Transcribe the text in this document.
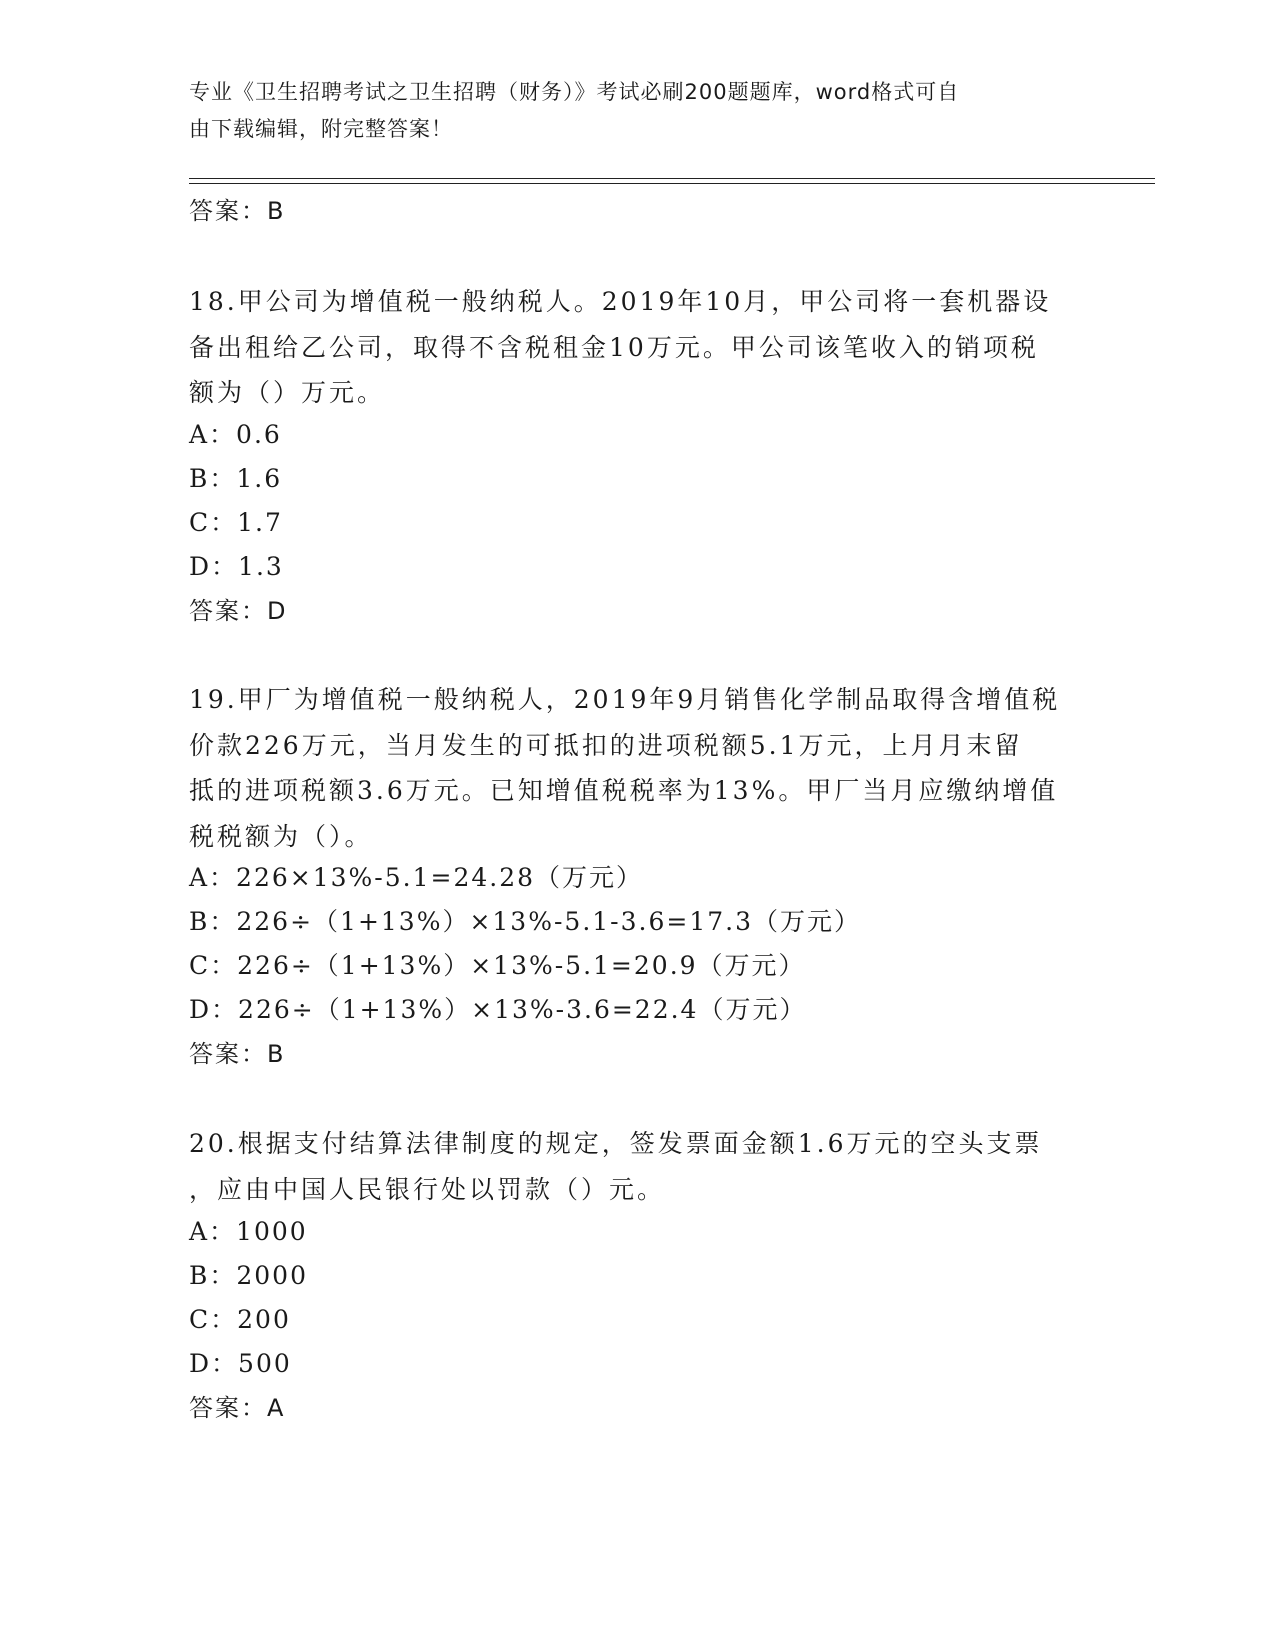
专业《卫生招聘考试之卫生招聘（财务）》考试必刷200题题库，word格式可自
由下载编辑，附完整答案！
答案：B
18.甲公司为增值税一般纳税人。2019年10月，甲公司将一套机器设
备出租给乙公司，取得不含税租金10万元。甲公司该笔收入的销项税
额为（）万元。
A：0.6
B：1.6
C：1.7
D：1.3
答案：D
19.甲厂为增值税一般纳税人，2019年9月销售化学制品取得含增值税
价款226万元，当月发生的可抵扣的进项税额5.1万元，上月月末留
抵的进项税额3.6万元。已知增值税税率为13%。甲厂当月应缴纳增值
税税额为（）。
A：226×13%-5.1=24.28（万元）
B：226÷（1+13%）×13%-5.1-3.6=17.3（万元）
C：226÷（1+13%）×13%-5.1=20.9（万元）
D：226÷（1+13%）×13%-3.6=22.4（万元）
答案：B
20.根据支付结算法律制度的规定，签发票面金额1.6万元的空头支票
，应由中国人民银行处以罚款（）元。
A：1000
B：2000
C：200
D：500
答案：A
